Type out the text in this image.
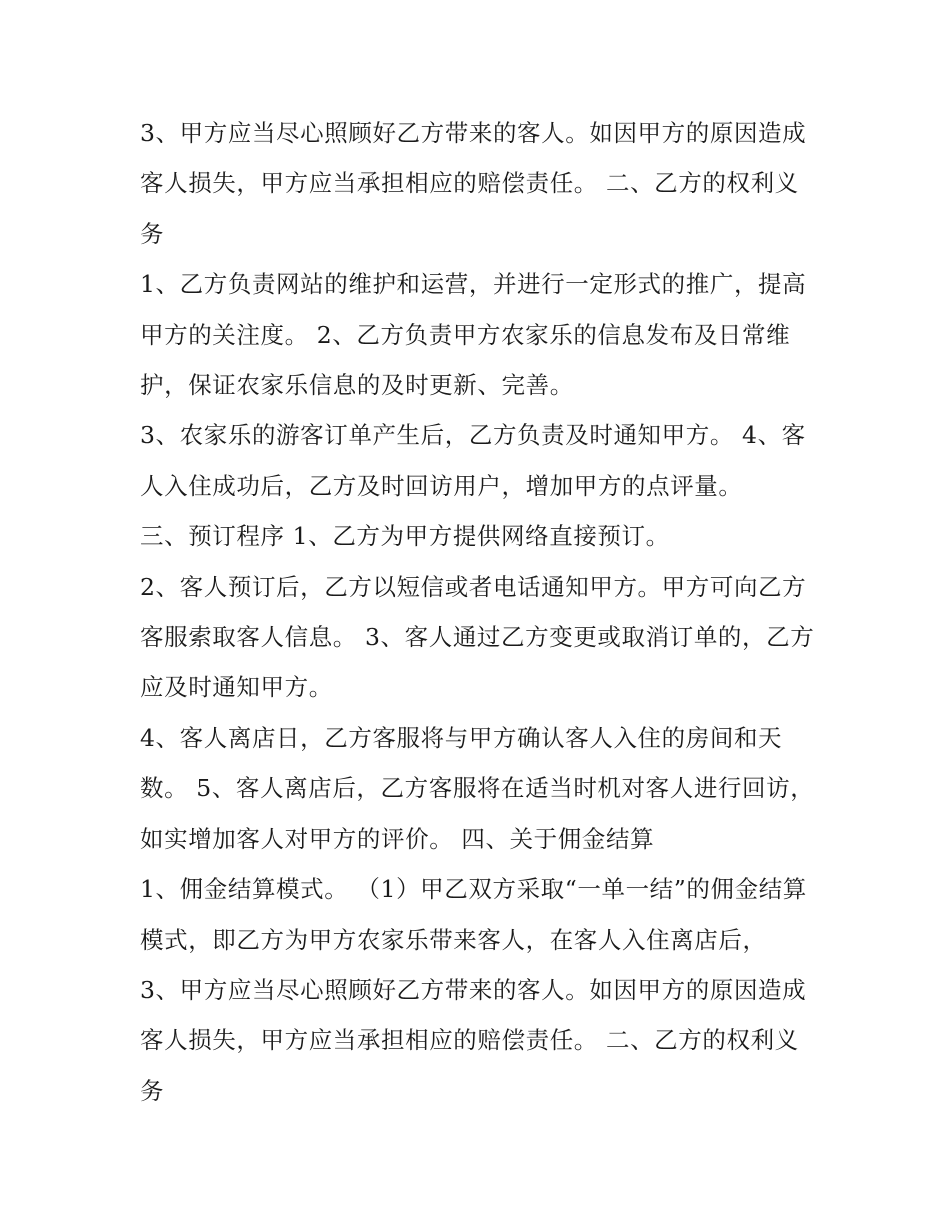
3、甲方应当尽心照顾好乙方带来的客人。如因甲方的原因造成客人损失，甲方应当承担相应的赔偿责任。 二、乙方的权利义务

1、乙方负责网站的维护和运营，并进行一定形式的推广，提高甲方的关注度。 2、乙方负责甲方农家乐的信息发布及日常维护，保证农家乐信息的及时更新、完善。

3、农家乐的游客订单产生后，乙方负责及时通知甲方。 4、客人入住成功后，乙方及时回访用户，增加甲方的点评量。

三、预订程序 1、乙方为甲方提供网络直接预订。

2、客人预订后，乙方以短信或者电话通知甲方。甲方可向乙方客服索取客人信息。 3、客人通过乙方变更或取消订单的，乙方应及时通知甲方。

4、客人离店日，乙方客服将与甲方确认客人入住的房间和天数。 5、客人离店后，乙方客服将在适当时机对客人进行回访，如实增加客人对甲方的评价。 四、关于佣金结算

1、佣金结算模式。 （1）甲乙双方采取“一单一结”的佣金结算模式，即乙方为甲方农家乐带来客人，在客人入住离店后，

3、甲方应当尽心照顾好乙方带来的客人。如因甲方的原因造成客人损失，甲方应当承担相应的赔偿责任。 二、乙方的权利义务
